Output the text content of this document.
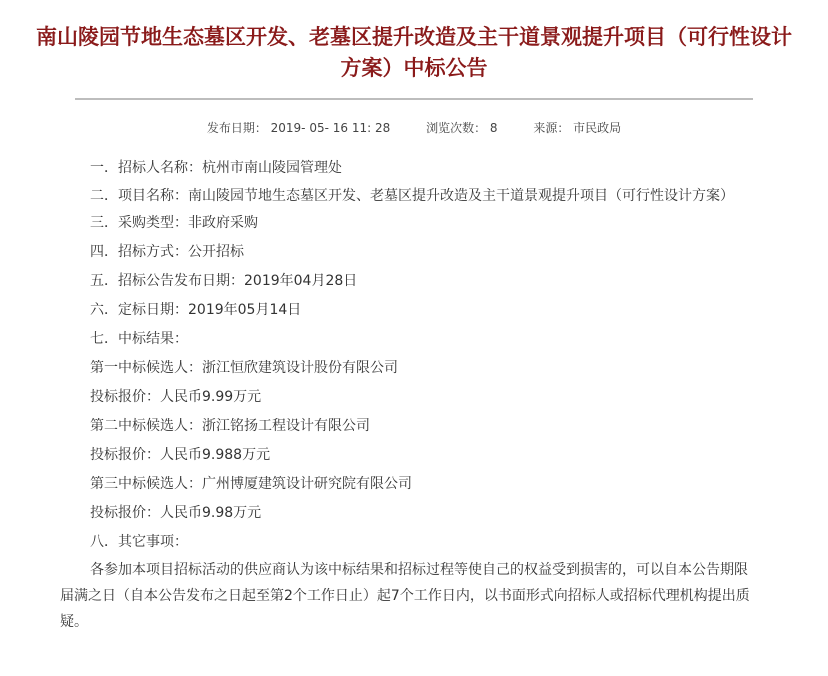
南山陵园节地生态墓区开发、老墓区提升改造及主干道景观提升项目（可行性设计方案）中标公告
发布日期： 2019- 05- 16 11: 28	浏览次数： 8	来源： 市民政局

一．招标人名称：杭州市南山陵园管理处

二．项目名称：南山陵园节地生态墓区开发、老墓区提升改造及主干道景观提升项目（可行性设计方案）

三．采购类型：非政府采购

四．招标方式：公开招标

五．招标公告发布日期：2019年04月28日

六．定标日期：2019年05月14日

七．中标结果：

第一中标候选人：浙江恒欣建筑设计股份有限公司

投标报价：人民币9.99万元

第二中标候选人：浙江铭扬工程设计有限公司

投标报价：人民币9.988万元

第三中标候选人：广州博厦建筑设计研究院有限公司

投标报价：人民币9.98万元

八．其它事项：

各参加本项目招标活动的供应商认为该中标结果和招标过程等使自己的权益受到损害的，可以自本公告期限届满之日（自本公告发布之日起至第2个工作日止）起7个工作日内，以书面形式向招标人或招标代理机构提出质疑。
